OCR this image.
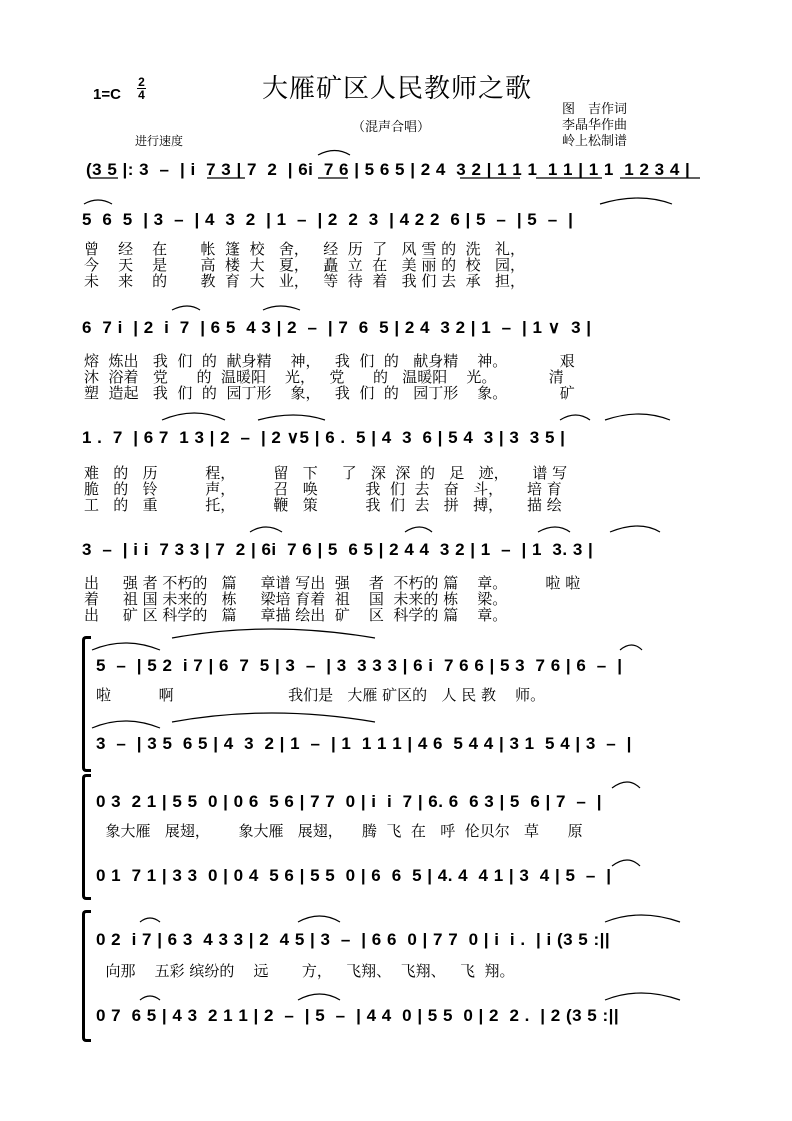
1=C
2
4	大雁矿区人民教师之歌
（混声合唱）
图　吉作词
李晶华作曲
岭上松制谱
进行速度
(3 5 |: 3  –  | i  7 3 | 7  2  | 6i  7 6 | 5 6 5 | 2 4  3 2 | 1 1 1  1 1 | 1 1  1 2 3 4 |
5  6  5  | 3  –  | 4  3  2  | 1  –  | 2  2  3  | 4 2 2  6 | 5  –  | 5  –  |
曾    经    在       帐  篷  校   舍，   经  历  了   风 雪 的  洗   礼，
今    天    是       高  楼  大   夏，   矗  立  在   美 丽 的  校   园，
未    来    的       教  育  大   业，   等  待  着   我 们 去  承   担，
6  7 i  | 2  i  7  | 6 5  4 3 | 2  –  | 7  6  5 | 2 4  3 2 | 1  –  | 1 ∨  3 |
熔  炼出   我  们  的  献身精    神，   我  们  的   献身精    神。           艰
沐  浴着   党      的  温暖阳    光，   党      的   温暖阳    光。           清
塑  造起   我  们  的  园丁形    象，   我  们  的   园丁形    象。           矿
1 .  7  | 6 7  1 3 | 2  –  | 2 ∨5 | 6 .  5 | 4  3  6 | 5 4  3 | 3  3 5 |
难   的   历          程，        留   下     了   深  深  的   足   迹，     谱 写
脆   的   铃          声，        召   唤          我  们  去   奋   斗，     培 育
工   的   重          托，        鞭   策          我  们  去   拼   搏，     描 绘
3  –  | i i  7 3 3 | 7  2 | 6i  7 6 | 5  6 5 | 2 4 4  3 2 | 1  –  | 1  3. 3 |
出     强 者 不朽的   篇     章谱 写出  强    者  不朽的 篇    章。        啦 啦
着     祖 国 未来的   栋     梁培 育着  祖    国  未来的 栋    梁。
出     矿 区 科学的   篇     章描 绘出  矿    区  科学的 篇    章。
5  –  | 5 2  i 7 | 6  7  5 | 3  –  | 3  3 3 3 | 6 i  7 6 6 | 5 3  7 6 | 6  –  |
啦          啊                        我们是   大雁 矿区的   人 民 教    师。
3  –  | 3 5  6 5 | 4  3  2 | 1  –  | 1  1 1 1 | 4 6  5 4 4 | 3 1  5 4 | 3  –  |
0 3  2 1 | 5 5  0 | 0 6  5 6 | 7 7  0 | i  i  7 | 6. 6  6 3 | 5  6 | 7  –  |
象大雁   展翅，      象大雁   展翅，    腾  飞  在   呼  伦贝尔   草      原
0 1  7 1 | 3 3  0 | 0 4  5 6 | 5 5  0 | 6  6  5 | 4. 4  4 1 | 3  4 | 5  –  |
0 2  i 7 | 6 3  4 3 3 | 2  4 5 | 3  –  | 6 6  0 | 7 7  0 | i  i .  | i (3 5 :||
向那    五彩 缤纷的    远       方，   飞翔、  飞翔、   飞  翔。
0 7  6 5 | 4 3  2 1 1 | 2  –  | 5  –  | 4 4  0 | 5 5  0 | 2  2 .  | 2 (3 5 :||
